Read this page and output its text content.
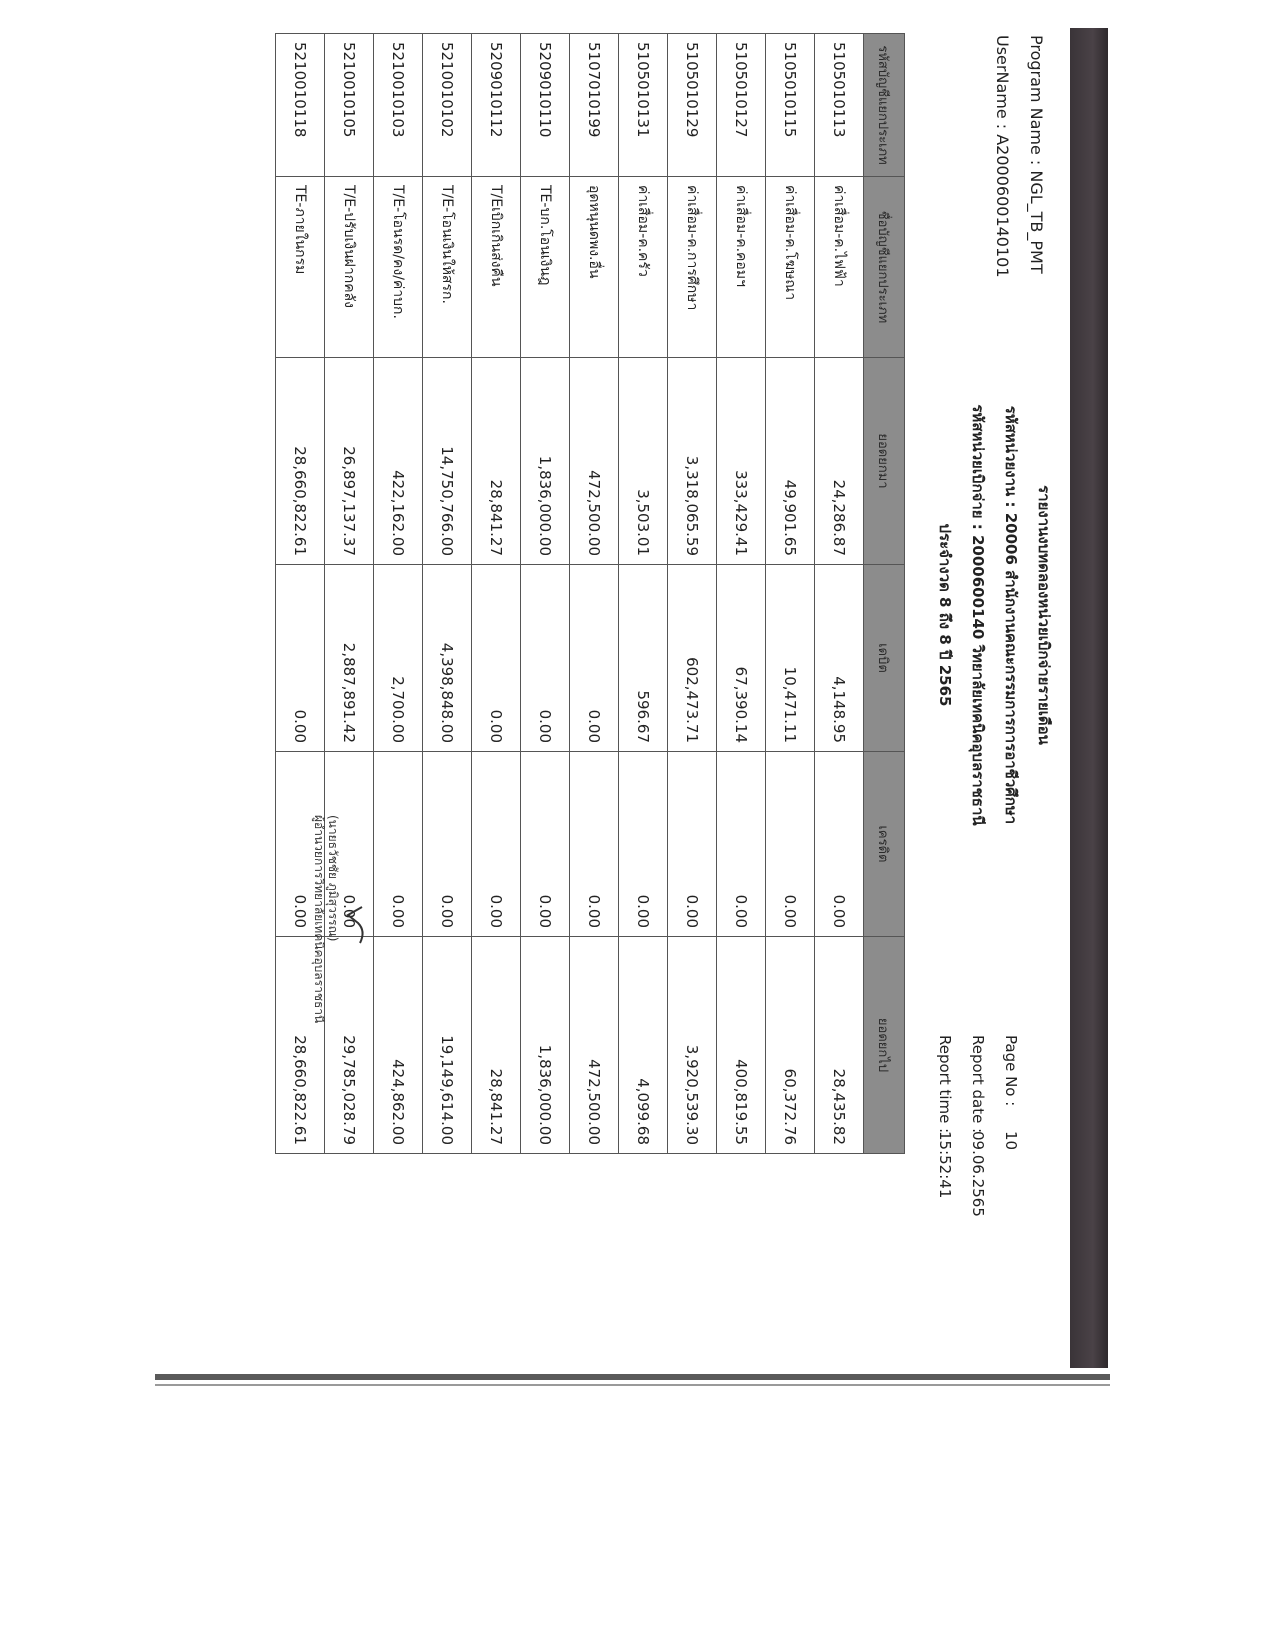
Program Name : NGL_TB_PMT
UserName : A2000600140101
รายงานงบทดลองหน่วยเบิกจ่ายรายเดือน
รหัสหน่วยงาน : 20006 สำนักงานคณะกรรมการการอาชีวศึกษา
รหัสหน่วยเบิกจ่าย : 2000600140 วิทยาลัยเทคนิคอุบลราชธานี
ประจำงวด 8 ถึง 8 ปี 2565
Page No :
10
Report date :
09.06.2565
Report time :
15:52:41
รหัสบัญชีแยกประเภท	ชื่อบัญชีแยกประเภท	ยอดยกมา	เดบิต	เครดิต	ยอดยกไป
5105010113	ค่าเสื่อม-ค.ไฟฟ้า	24,286.87	4,148.95	0.00	28,435.82
5105010115	ค่าเสื่อม-ค.โฆษณา	49,901.65	10,471.11	0.00	60,372.76
5105010127	ค่าเสื่อม-ค.คอมฯ	333,429.41	67,390.14	0.00	400,819.55
5105010129	ค่าเสื่อม-ค.การศึกษา	3,318,065.59	602,473.71	0.00	3,920,539.30
5105010131	ค่าเสื่อม-ค.ครัว	3,503.01	596.67	0.00	4,099.68
5107010199	อุดหนุนดพง.อื่น	472,500.00	0.00	0.00	472,500.00
5209010110	TE-บก.โอนเงินฎ	1,836,000.00	0.00	0.00	1,836,000.00
5209010112	T/Eเบิกเกินส่งคืน	28,841.27	0.00	0.00	28,841.27
5210010102	T/E-โอนเงินให้สรก.	14,750,766.00	4,398,848.00	0.00	19,149,614.00
5210010103	T/E-โอนรด/คง/ค่าบก.	422,162.00	2,700.00	0.00	424,862.00
5210010105	T/E-ปรับเงินฝากคลัง	26,897,137.37	2,887,891.42	0.00	29,785,028.79
5210010118	TE-ภายในกรม	28,660,822.61	0.00	0.00	28,660,822.61
(นายธวัชชัย ภูมิสุวรรณ)
ผู้อำนวยการวิทยาลัยเทคนิคอุบลราชธานี
